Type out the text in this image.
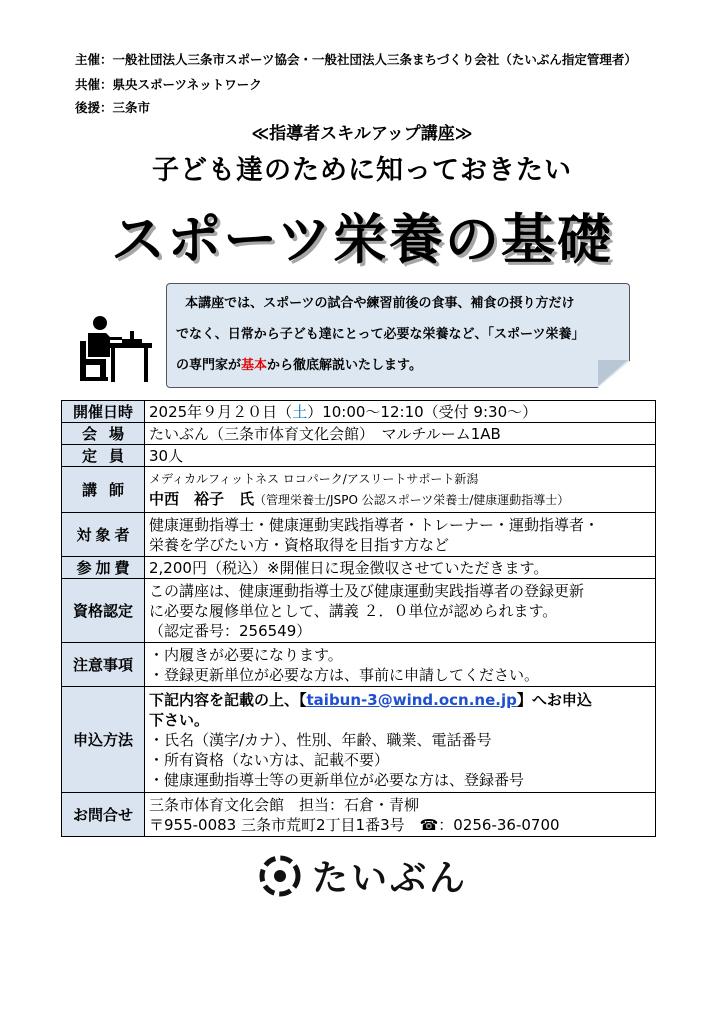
主催：一般社団法人三条市スポーツ協会・一般社団法人三条まちづくり会社（たいぶん指定管理者）
共催：県央スポーツネットワーク
後援：三条市
≪指導者スキルアップ講座≫
子ども達のために知っておきたい
スポーツ栄養の基礎
本講座では、スポーツの試合や練習前後の食事、補食の摂り方だけ
でなく、日常から子ども達にとって必要な栄養など、「スポーツ栄養」
の専門家が基本から徹底解説いたします。
開催日時	2025年９月２０日（土）10:00～12:10（受付 9:30～）
会場	たいぶん（三条市体育文化会館）　マルチルーム1AB
定員	30人
講師	メディカルフィットネス ロコパーク/アスリートサポート新潟
中西　裕子　氏（管理栄養士/JSPO 公認スポーツ栄養士/健康運動指導士）

対象者	健康運動指導士・健康運動実践指導者・トレーナー・運動指導者・
栄養を学びたい方・資格取得を目指す方など

参加費	2,200円（税込）※開催日に現金徴収させていただきます。
資格認定	この講座は、健康運動指導士及び健康運動実践指導者の登録更新
に必要な履修単位として、講義 ２．０単位が認められます。
（認定番号：256549）

注意事項	・内履きが必要になります。
・登録更新単位が必要な方は、事前に申請してください。

申込方法	下記内容を記載の上、【taibun-3@wind.ocn.ne.jp】へお申込
下さい。
・氏名（漢字/カナ）、性別、年齢、職業、電話番号
・所有資格（ない方は、記載不要）
・健康運動指導士等の更新単位が必要な方は、登録番号

お問合せ	三条市体育文化会館　担当：石倉・青柳
〒955-0083 三条市荒町2丁目1番3号　☎：0256-36-0700
たいぶん
